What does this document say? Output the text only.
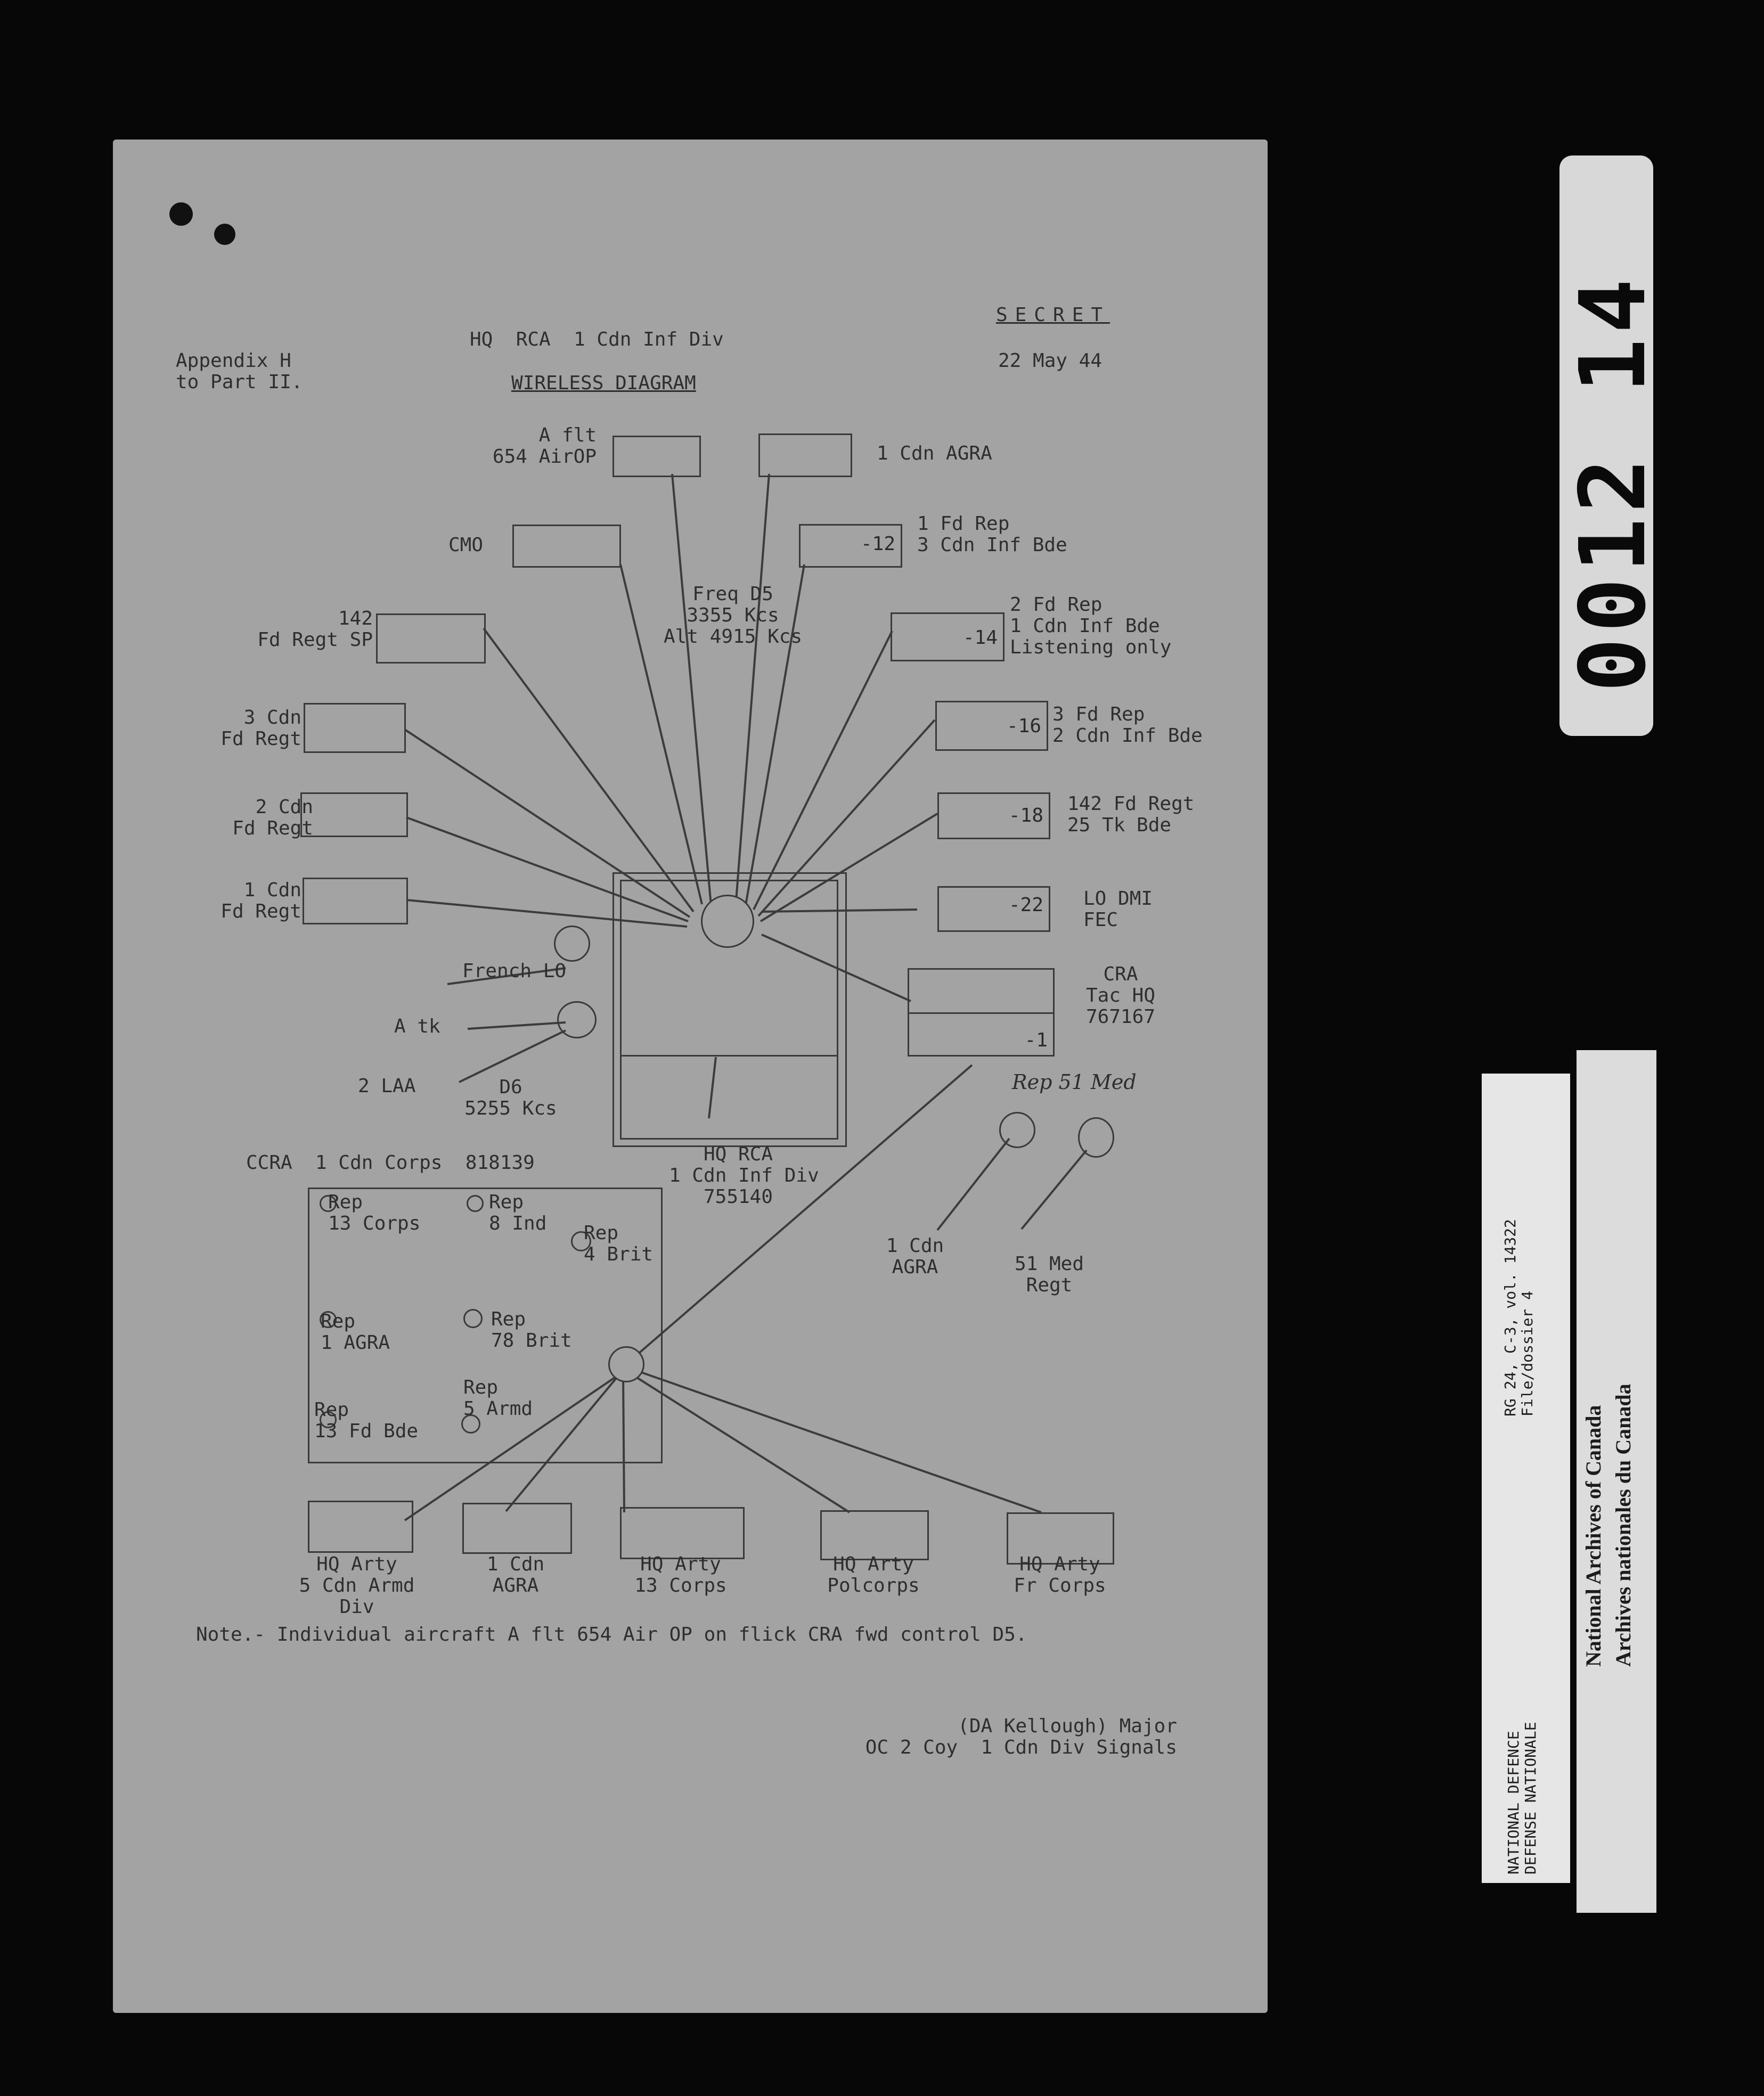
Appendix H
to Part II.
HQ  RCA  1 Cdn Inf Div
WIRELESS DIAGRAM
SECRET
22 May 44
Freq D5
3355 Kcs
Alt 4915 Kcs
A flt
654 AirOP
CMO
142
Fd Regt SP
3 Cdn
Fd Regt
2 Cdn
Fd Regt
1 Cdn
Fd Regt
1 Cdn AGRA
-12
1 Fd Rep
3 Cdn Inf Bde
-14
2 Fd Rep
1 Cdn Inf Bde
Listening only
-16
3 Fd Rep
2 Cdn Inf Bde
-18
142 Fd Regt
25 Tk Bde
-22 LO DMI
FEC
-1
CRA
Tac HQ
767167
HQ RCA
1 Cdn Inf Div
755140
French LO
A tk
2 LAA	D6
5255 Kcs
CCRA  1 Cdn Corps  818139
Rep
13 Corps
Rep
8 Ind Rep
4 Brit
Rep
1 AGRA
Rep
78 Brit
Rep
5 Armd
Rep
13 Fd Bde
Rep 51 Med
1 Cdn
AGRA	51 Med
Regt
HQ Arty
5 Cdn Armd
Div
1 Cdn
AGRA
HQ Arty
13 Corps
HQ Arty
Polcorps
HQ Arty
Fr Corps
Note.- Individual aircraft A flt 654 Air OP on flick CRA fwd control D5.
(DA Kellough) Major
OC 2 Coy  1 Cdn Div Signals
0012 14
RG 24, C-3, vol. 14322
File/dossier 4
NATIONAL DEFENCE
DEFENSE NATIONALE
National Archives of Canada Archives nationales du Canada
